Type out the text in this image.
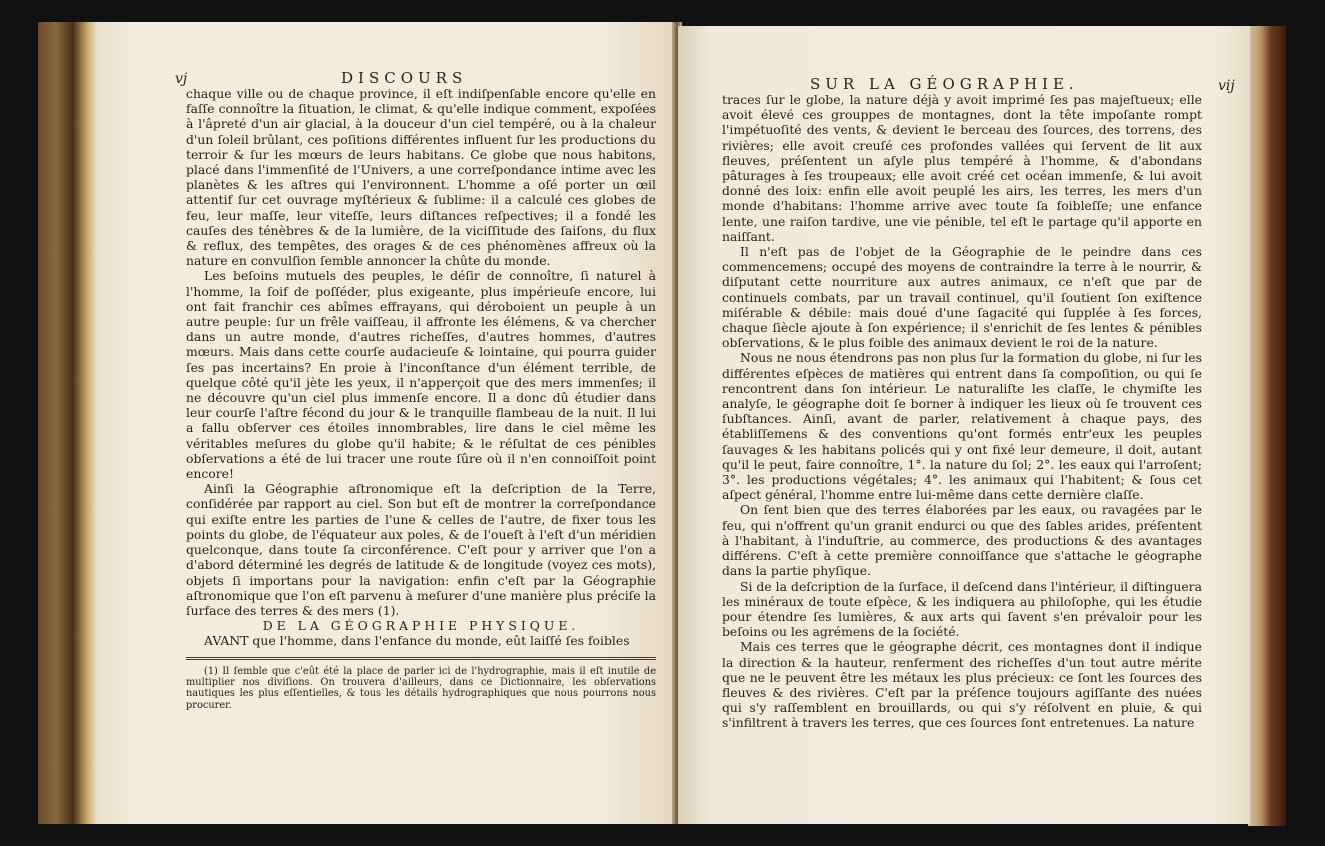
vj	DISCOURS

chaque ville ou de chaque province, il eſt indiſpenſable encore qu'elle en faſſe connoître la ſituation, le climat, & qu'elle indique comment, expoſées à l'âpreté d'un air glacial, à la douceur d'un ciel tempéré, ou à la chaleur d'un ſoleil brûlant, ces poſitions différentes influent ſur les productions du terroir & ſur les mœurs de leurs habitans. Ce globe que nous habitons, placé dans l'immenſité de l'Univers, a une correſpondance intime avec les planètes & les aſtres qui l'environnent. L'homme a oſé porter un œil attentif ſur cet ouvrage myſtérieux & ſublime: il a calculé ces globes de feu, leur maſſe, leur viteſſe, leurs diſtances reſpectives; il a fondé les cauſes des ténèbres & de la lumière, de la viciſſitude des ſaiſons, du flux & reflux, des tempêtes, des orages & de ces phénomènes affreux où la nature en convulſion ſemble annoncer la chûte du monde.

Les beſoins mutuels des peuples, le déſir de connoître, ſi naturel à l'homme, la ſoif de poſſéder, plus exigeante, plus impérieuſe encore, lui ont fait franchir ces abîmes effrayans, qui déroboient un peuple à un autre peuple: ſur un frêle vaiſſeau, il affronte les élémens, & va chercher dans un autre monde, d'autres richeſſes, d'autres hommes, d'autres mœurs. Mais dans cette courſe audacieuſe & lointaine, qui pourra guider ſes pas incertains? En proie à l'inconſtance d'un élément terrible, de quelque côté qu'il jète les yeux, il n'apperçoit que des mers immenſes; il ne découvre qu'un ciel plus immenſe encore. Il a donc dû étudier dans leur courſe l'aſtre fécond du jour & le tranquille flambeau de la nuit. Il lui a fallu obſerver ces étoiles innombrables, lire dans le ciel même les véritables meſures du globe qu'il habite; & le réſultat de ces pénibles obſervations a été de lui tracer une route ſûre où il n'en connoiſſoit point encore!

Ainſi la Géographie aſtronomique eſt la deſcription de la Terre, conſidérée par rapport au ciel. Son but eſt de montrer la correſpondance qui exiſte entre les parties de l'une & celles de l'autre, de fixer tous les points du globe, de l'équateur aux poles, & de l'oueſt à l'eſt d'un méridien quelconque, dans toute ſa circonférence. C'eſt pour y arriver que l'on a d'abord déterminé les degrés de latitude & de longitude (voyez ces mots), objets ſi importans pour la navigation: enfin c'eſt par la Géographie aſtronomique que l'on eſt parvenu à meſurer d'une manière plus préciſe la ſurface des terres & des mers (1).

DE LA GÉOGRAPHIE PHYSIQUE.

AVANT que l'homme, dans l'enfance du monde, eût laiſſé ſes foibles

(1) Il ſemble que c'eût été la place de parler ici de l'hydrographie, mais il eſt inutile de multiplier nos diviſions. On trouvera d'ailleurs, dans ce Dictionnaire, les obſervations nautiques les plus eſſentielles, & tous les détails hydrographiques que nous pourrons nous procurer.

SUR LA GÉOGRAPHIE.	vij

traces ſur le globe, la nature déjà y avoit imprimé ſes pas majeſtueux; elle avoit élevé ces grouppes de montagnes, dont la tête impoſante rompt l'impétuoſité des vents, & devient le berceau des ſources, des torrens, des rivières; elle avoit creuſé ces profondes vallées qui ſervent de lit aux fleuves, préſentent un aſyle plus tempéré à l'homme, & d'abondans pâturages à ſes troupeaux; elle avoit créé cet océan immenſe, & lui avoit donné des loix: enfin elle avoit peuplé les airs, les terres, les mers d'un monde d'habitans: l'homme arrive avec toute ſa foibleſſe; une enfance lente, une raiſon tardive, une vie pénible, tel eſt le partage qu'il apporte en naiſſant.

Il n'eſt pas de l'objet de la Géographie de le peindre dans ces commencemens; occupé des moyens de contraindre la terre à le nourrir, & diſputant cette nourriture aux autres animaux, ce n'eſt que par de continuels combats, par un travail continuel, qu'il ſoutient ſon exiſtence miſérable & débile: mais doué d'une ſagacité qui ſupplée à ſes forces, chaque ſiècle ajoute à ſon expérience; il s'enrichit de ſes lentes & pénibles obſervations, & le plus foible des animaux devient le roi de la nature.

Nous ne nous étendrons pas non plus ſur la formation du globe, ni ſur les différentes eſpèces de matières qui entrent dans ſa compoſition, ou qui ſe rencontrent dans ſon intérieur. Le naturaliſte les claſſe, le chymiſte les analyſe, le géographe doit ſe borner à indiquer les lieux où ſe trouvent ces ſubſtances. Ainſi, avant de parler, relativement à chaque pays, des établiſſemens & des conventions qu'ont formés entr'eux les peuples ſauvages & les habitans policés qui y ont fixé leur demeure, il doit, autant qu'il le peut, faire connoître, 1°. la nature du ſol; 2°. les eaux qui l'arroſent; 3°. les productions végétales; 4°. les animaux qui l'habitent; & ſous cet aſpect général, l'homme entre lui-même dans cette dernière claſſe.

On ſent bien que des terres élaborées par les eaux, ou ravagées par le feu, qui n'offrent qu'un granit endurci ou que des ſables arides, préſentent à l'habitant, à l'induſtrie, au commerce, des productions & des avantages différens. C'eſt à cette première connoiſſance que s'attache le géographe dans la partie phyſique.

Si de la deſcription de la ſurface, il deſcend dans l'intérieur, il diſtinguera les minéraux de toute eſpèce, & les indiquera au philoſophe, qui les étudie pour étendre ſes lumières, & aux arts qui ſavent s'en prévaloir pour les beſoins ou les agrémens de la ſociété.

Mais ces terres que le géographe décrit, ces montagnes dont il indique la direction & la hauteur, renferment des richeſſes d'un tout autre mérite que ne le peuvent être les métaux les plus précieux: ce ſont les ſources des fleuves & des rivières. C'eſt par la préſence toujours agiſſante des nuées qui s'y raſſemblent en brouillards, ou qui s'y réſolvent en pluie, & qui s'infiltrent à travers les terres, que ces ſources ſont entretenues. La nature
